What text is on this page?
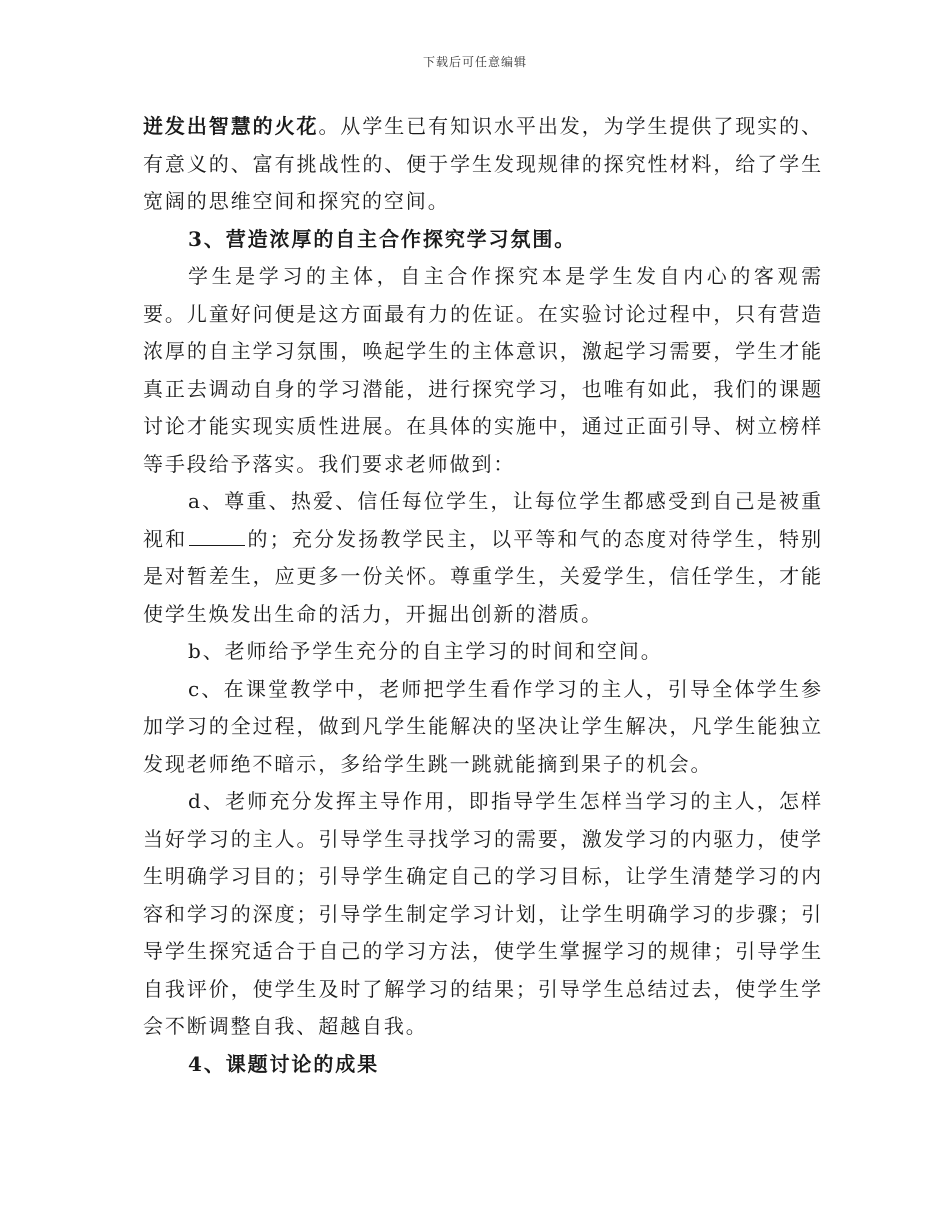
下载后可任意编辑

迸发出智慧的火花。从学生已有知识水平出发，为学生提供了现实的、有意义的、富有挑战性的、便于学生发现规律的探究性材料，给了学生宽阔的思维空间和探究的空间。

3、营造浓厚的自主合作探究学习氛围。

学生是学习的主体，自主合作探究本是学生发自内心的客观需要。儿童好问便是这方面最有力的佐证。在实验讨论过程中，只有营造浓厚的自主学习氛围，唤起学生的主体意识，激起学习需要，学生才能真正去调动自身的学习潜能，进行探究学习，也唯有如此，我们的课题讨论才能实现实质性进展。在具体的实施中，通过正面引导、树立榜样等手段给予落实。我们要求老师做到：

a、尊重、热爱、信任每位学生，让每位学生都感受到自己是被重视和	的；充分发扬教学民主，以平等和气的态度对待学生，特别是对暂差生，应更多一份关怀。尊重学生，关爱学生，信任学生，才能使学生焕发出生命的活力，开掘出创新的潜质。

b、老师给予学生充分的自主学习的时间和空间。

c、在课堂教学中，老师把学生看作学习的主人，引导全体学生参加学习的全过程，做到凡学生能解决的坚决让学生解决，凡学生能独立发现老师绝不暗示，多给学生跳一跳就能摘到果子的机会。

d、老师充分发挥主导作用，即指导学生怎样当学习的主人，怎样当好学习的主人。引导学生寻找学习的需要，激发学习的内驱力，使学生明确学习目的；引导学生确定自己的学习目标，让学生清楚学习的内容和学习的深度；引导学生制定学习计划，让学生明确学习的步骤；引导学生探究适合于自己的学习方法，使学生掌握学习的规律；引导学生自我评价，使学生及时了解学习的结果；引导学生总结过去，使学生学会不断调整自我、超越自我。

4、课题讨论的成果
